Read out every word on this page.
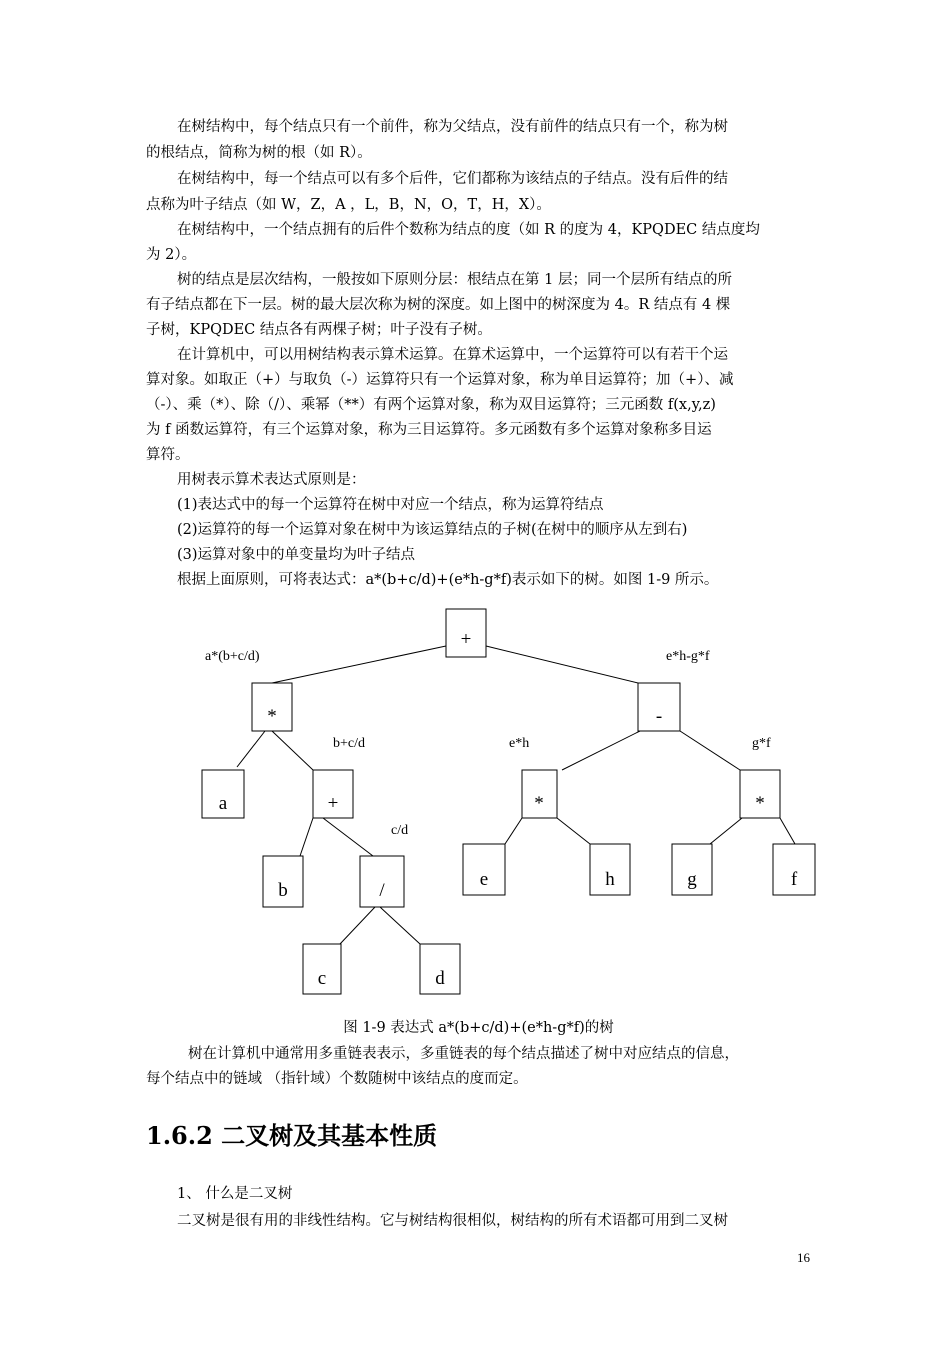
在树结构中，每个结点只有一个前件，称为父结点，没有前件的结点只有一个，称为树
的根结点，简称为树的根（如 R）。
在树结构中，每一个结点可以有多个后件，它们都称为该结点的子结点。没有后件的结
点称为叶子结点（如 W，Z，A ，L，B，N，O，T，H，X）。
在树结构中，一个结点拥有的后件个数称为结点的度（如 R 的度为 4，KPQDEC 结点度均
为 2）。
树的结点是层次结构，一般按如下原则分层：根结点在第 1 层；同一个层所有结点的所
有子结点都在下一层。树的最大层次称为树的深度。如上图中的树深度为 4。R 结点有 4 棵
子树，KPQDEC 结点各有两棵子树；叶子没有子树。
在计算机中，可以用树结构表示算术运算。在算术运算中，一个运算符可以有若干个运
算对象。如取正（+）与取负（-）运算符只有一个运算对象，称为单目运算符；加（+）、减
（-）、乘（*）、除（/）、乘幂（**）有两个运算对象，称为双目运算符；三元函数 f(x,y,z)
为 f 函数运算符，有三个运算对象，称为三目运算符。多元函数有多个运算对象称多目运
算符。
用树表示算术表达式原则是：
(1)表达式中的每一个运算符在树中对应一个结点，称为运算符结点
(2)运算符的每一个运算对象在树中为该运算结点的子树(在树中的顺序从左到右)
(3)运算对象中的单变量均为叶子结点
根据上面原则，可将表达式：a*(b+c/d)+(e*h-g*f)表示如下的树。如图 1-9 所示。
+
*	-
a	+	*	*
b	/
e	h	g	f
c	d
a*(b+c/d)	e*h-g*f
b+c/d	e*h	g*f
c/d
图 1-9 表达式 a*(b+c/d)+(e*h-g*f)的树
树在计算机中通常用多重链表表示，多重链表的每个结点描述了树中对应结点的信息，
每个结点中的链域 （指针域）个数随树中该结点的度而定。
1.6.2 二叉树及其基本性质
1、 什么是二叉树
二叉树是很有用的非线性结构。它与树结构很相似，树结构的所有术语都可用到二叉树
16
